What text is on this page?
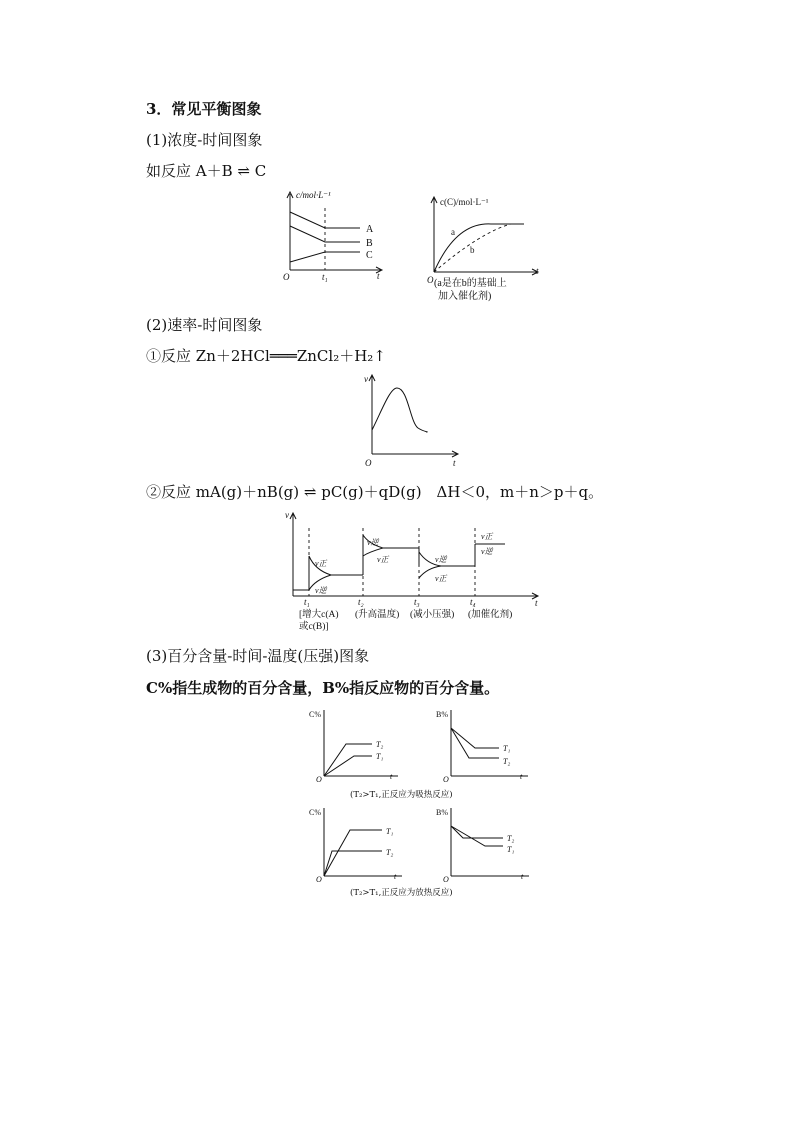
3．常见平衡图象
(1)浓度-时间图象
如反应 A＋B ⇌ C
(2)速率-时间图象
①反应 Zn＋2HCl═══ZnCl₂＋H₂↑
②反应 mA(g)＋nB(g) ⇌ pC(g)＋qD(g)　ΔH＜0，m＋n＞p＋q。
(3)百分含量-时间-温度(压强)图象
C%指生成物的百分含量，B%指反应物的百分含量。
c/mol·L⁻¹
O	t₁	t
A
B
C
c(C)/mol·L⁻¹
O
t
a
b
(a是在b的基础上
加入催化剂)
v
O	t
v
t
v正
v逆
v逆
v正	v逆
v正
v正
v逆
t₁	t₂	t₃	t₄
[增大c(A)
或c(B)]
(升高温度) (减小压强) (加催化剂)
C%
O	t
T₂
T₁
B%
O	t
T₁
T₂
(T₂>T₁,正反应为吸热反应)
C%
O	t
T₁
T₂
B%
O	t
T₂
T₁
(T₂>T₁,正反应为放热反应)
